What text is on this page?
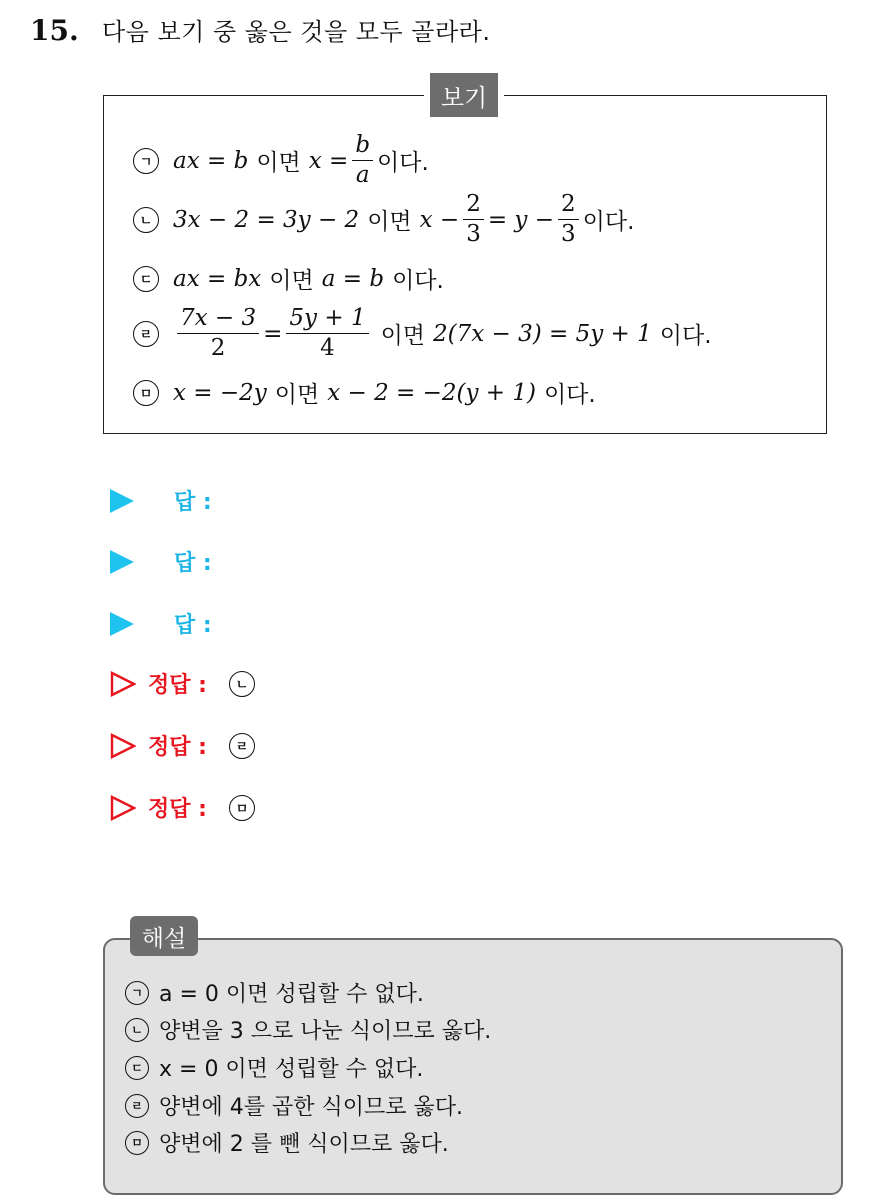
15. 다음 보기 중 옳은 것을 모두 골라라.
보기
ㄱ ax = b 이면 $x = \frac{b}{a}$ 이다.
ㄴ 3x − 2 = 3y − 2 이면 $x - \frac{2}{3} = y - \frac{2}{3}$ 이다.
ㄷ ax = bx 이면 a = b 이다.
ㄹ $\frac{7x - 3}{2} = \frac{5y + 1}{4}$ 이면 2(7x − 3) = 5y + 1 이다.
ㅁ x = −2y 이면 x − 2 = −2(y + 1) 이다.
답 :
답 :
답 :
정답 :	ㄴ
정답 :	ㄹ
정답 :	ㅁ
해설
ㄱ a = 0 이면 성립할 수 없다.
ㄴ 양변을 3 으로 나눈 식이므로 옳다.
ㄷ x = 0 이면 성립할 수 없다.
ㄹ 양변에 4를 곱한 식이므로 옳다.
ㅁ 양변에 2 를 뺀 식이므로 옳다.
